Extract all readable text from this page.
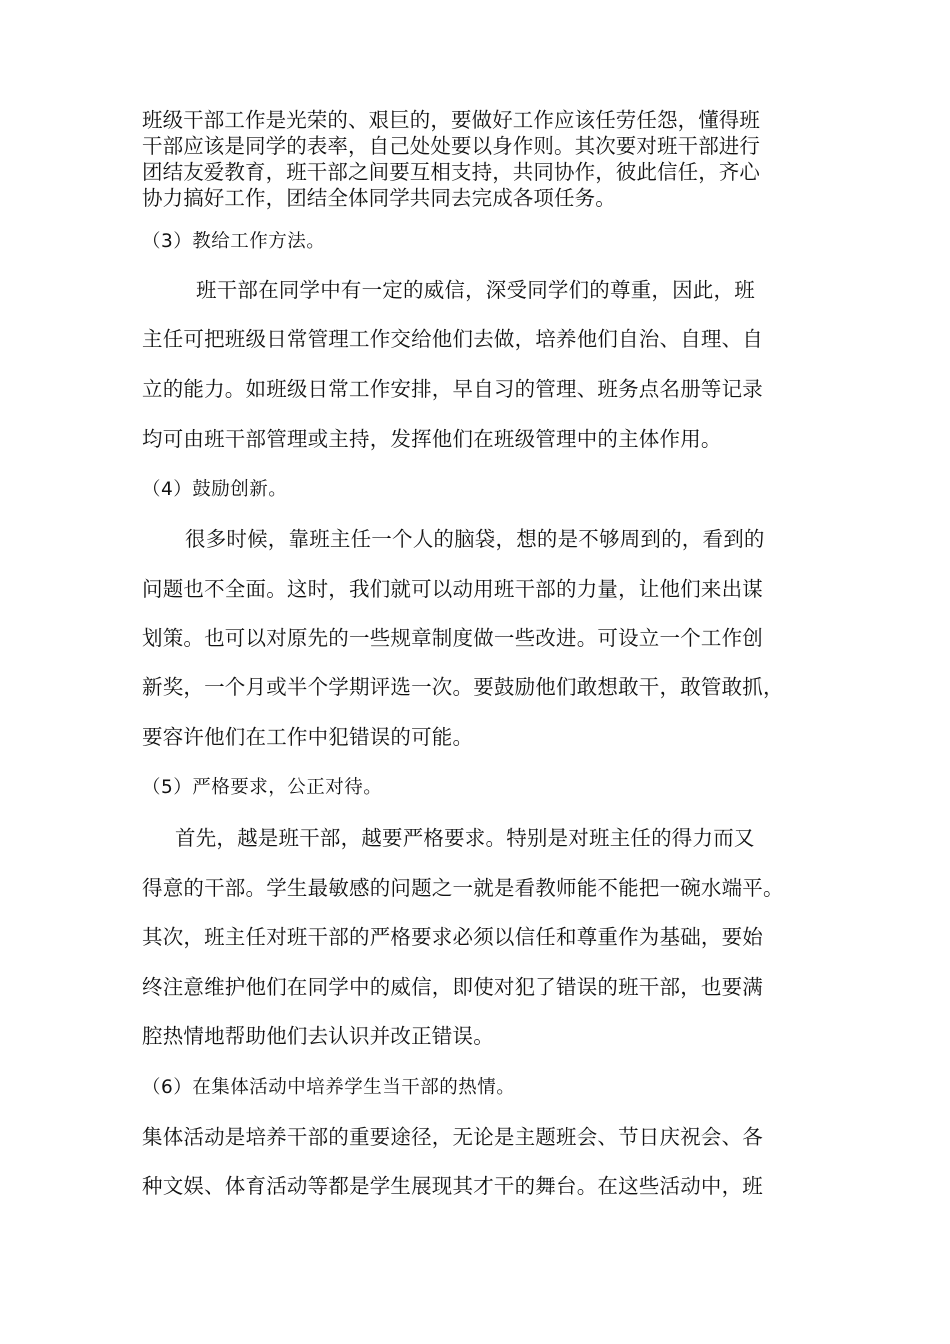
班级干部工作是光荣的、艰巨的，要做好工作应该任劳任怨，懂得班
干部应该是同学的表率，自己处处要以身作则。其次要对班干部进行
团结友爱教育，班干部之间要互相支持，共同协作，彼此信任，齐心
协力搞好工作，团结全体同学共同去完成各项任务。
（3）教给工作方法。
班干部在同学中有一定的威信，深受同学们的尊重，因此，班
主任可把班级日常管理工作交给他们去做，培养他们自治、自理、自
立的能力。如班级日常工作安排，早自习的管理、班务点名册等记录
均可由班干部管理或主持，发挥他们在班级管理中的主体作用。
（4）鼓励创新。
很多时候，靠班主任一个人的脑袋，想的是不够周到的，看到的
问题也不全面。这时，我们就可以动用班干部的力量，让他们来出谋
划策。也可以对原先的一些规章制度做一些改进。可设立一个工作创
新奖，一个月或半个学期评选一次。要鼓励他们敢想敢干，敢管敢抓，
要容许他们在工作中犯错误的可能。
（5）严格要求，公正对待。
首先，越是班干部，越要严格要求。特别是对班主任的得力而又
得意的干部。学生最敏感的问题之一就是看教师能不能把一碗水端平。
其次，班主任对班干部的严格要求必须以信任和尊重作为基础，要始
终注意维护他们在同学中的威信，即使对犯了错误的班干部，也要满
腔热情地帮助他们去认识并改正错误。
（6）在集体活动中培养学生当干部的热情。
集体活动是培养干部的重要途径，无论是主题班会、节日庆祝会、各
种文娱、体育活动等都是学生展现其才干的舞台。在这些活动中，班
